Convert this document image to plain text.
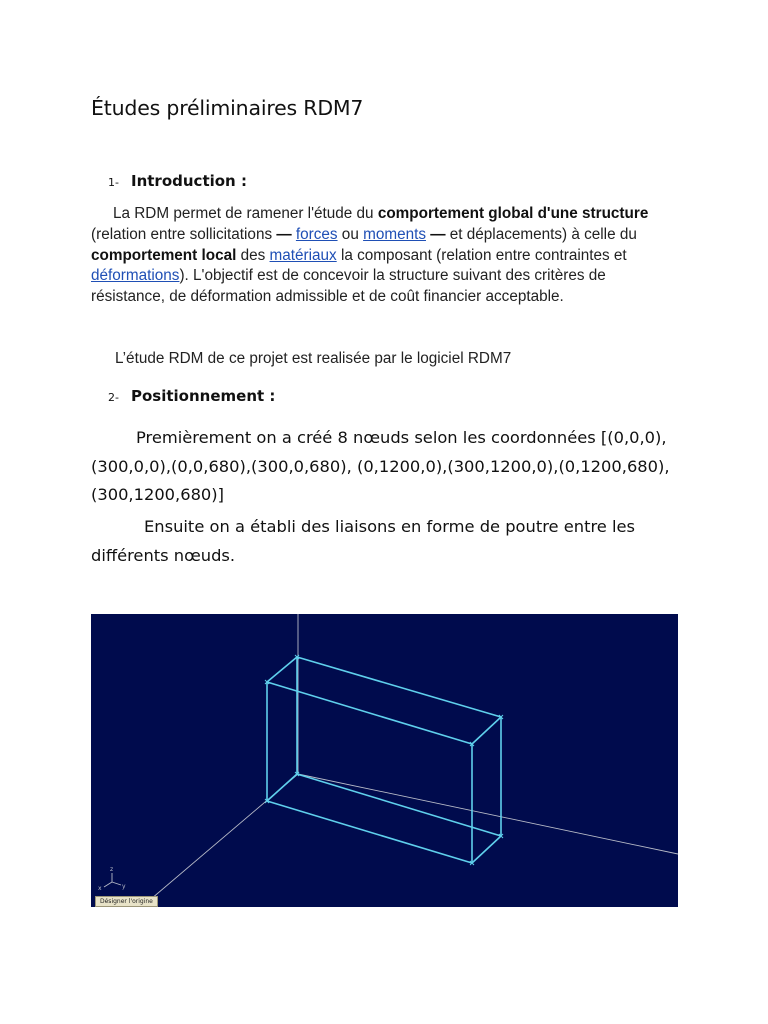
Études préliminaires RDM7
1- Introduction :

La RDM permet de ramener l'étude du comportement global d'une structure (relation entre sollicitations — forces ou moments — et déplacements) à celle du comportement local des matériaux la composant (relation entre contraintes et déformations). L'objectif est de concevoir la structure suivant des critères de résistance, de déformation admissible et de coût financier acceptable.

L’étude RDM de ce projet est realisée par le logiciel RDM7

2- Positionnement :

Premièrement on a créé 8 nœuds selon les coordonnées [(0,0,0),(300,0,0),(0,0,680),(300,0,680), (0,1200,0),(300,1200,0),(0,1200,680),(300,1200,680)]

Ensuite on a établi des liaisons en forme de poutre entre les différents nœuds.

z
y
x
Désigner l'origine
